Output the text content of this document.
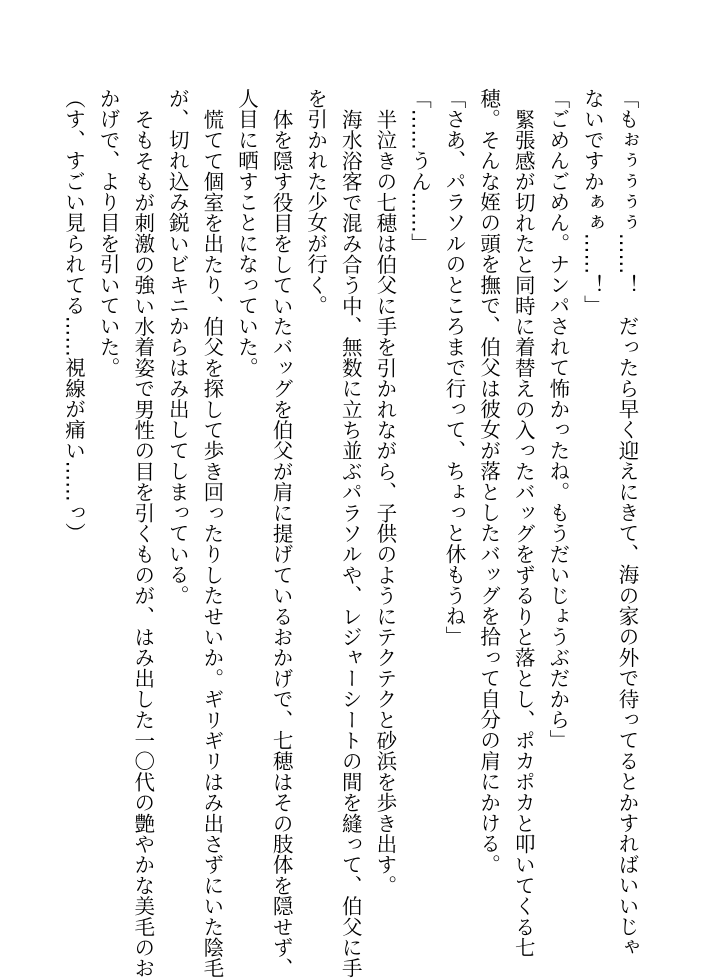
「もぉぅぅぅぅ……！　だったら早く迎えにきて、海の家の外で待ってるとかすればいいじゃ
ないですかぁぁ……！」
「ごめんごめん。ナンパされて怖かったね。もうだいじょうぶだから」
緊張感が切れたと同時に着替えの入ったバッグをずるりと落とし、ポカポカと叩いてくる七
穂。そんな姪の頭を撫で、伯父は彼女が落としたバッグを拾って自分の肩にかける。
「さあ、パラソルのところまで行って、ちょっと休もうね」
「……うん……」
半泣きの七穂は伯父に手を引かれながら、子供のようにテクテクと砂浜を歩き出す。
海水浴客で混み合う中、無数に立ち並ぶパラソルや、レジャーシートの間を縫って、伯父に手
を引かれた少女が行く。
体を隠す役目をしていたバッグを伯父が肩に提げているおかげで、七穂はその肢体を隠せず、
人目に晒すことになっていた。
慌てて個室を出たり、伯父を探して歩き回ったりしたせいか。ギリギリはみ出さずにいた陰毛
が、切れ込み鋭いビキニからはみ出してしまっている。
そもそもが刺激の強い水着姿で男性の目を引くものが、はみ出した一〇代の艶やかな美毛のお
かげで、より目を引いていた。
（す、すごい見られてる……視線が痛い……っ）
